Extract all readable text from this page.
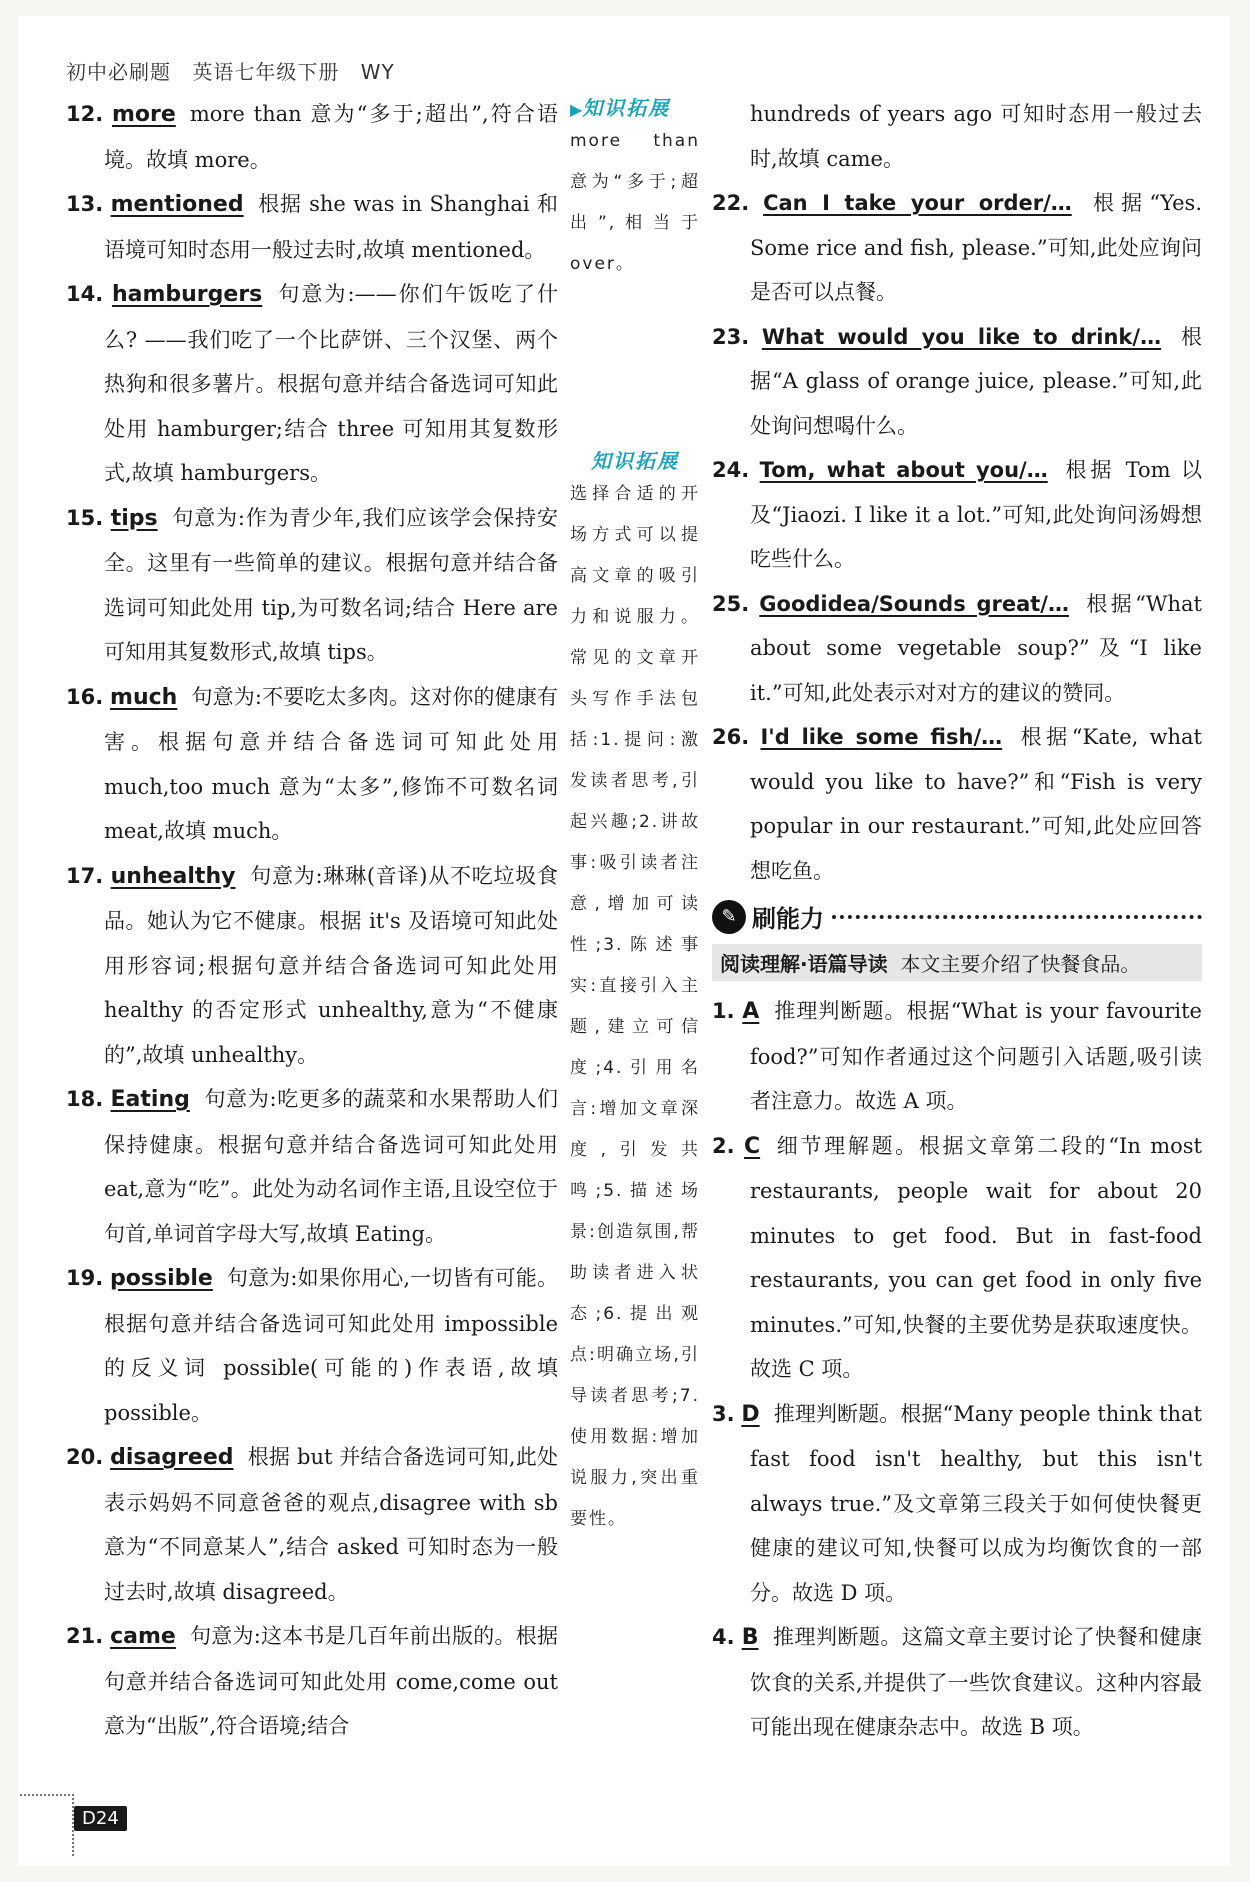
初中必刷题 英语七年级下册 WY
12. more more than 意为“多于;超出”,符合语境。故填 more。
13. mentioned 根据 she was in Shanghai 和语境可知时态用一般过去时,故填 mentioned。
14. hamburgers 句意为:——你们午饭吃了什么? ——我们吃了一个比萨饼、三个汉堡、两个热狗和很多薯片。根据句意并结合备选词可知此处用 hamburger;结合 three 可知用其复数形式,故填 hamburgers。
15. tips 句意为:作为青少年,我们应该学会保持安全。这里有一些简单的建议。根据句意并结合备选词可知此处用 tip,为可数名词;结合 Here are 可知用其复数形式,故填 tips。
16. much 句意为:不要吃太多肉。这对你的健康有害。根据句意并结合备选词可知此处用 much,too much 意为“太多”,修饰不可数名词 meat,故填 much。
17. unhealthy 句意为:琳琳(音译)从不吃垃圾食品。她认为它不健康。根据 it's 及语境可知此处用形容词;根据句意并结合备选词可知此处用 healthy 的否定形式 unhealthy,意为“不健康的”,故填 unhealthy。
18. Eating 句意为:吃更多的蔬菜和水果帮助人们保持健康。根据句意并结合备选词可知此处用 eat,意为“吃”。此处为动名词作主语,且设空位于句首,单词首字母大写,故填 Eating。
19. possible 句意为:如果你用心,一切皆有可能。根据句意并结合备选词可知此处用 impossible 的反义词 possible(可能的)作表语,故填 possible。
20. disagreed 根据 but 并结合备选词可知,此处表示妈妈不同意爸爸的观点,disagree with sb 意为“不同意某人”,结合 asked 可知时态为一般过去时,故填 disagreed。
21. came 句意为:这本书是几百年前出版的。根据句意并结合备选词可知此处用 come,come out 意为“出版”,符合语境;结合
▶知识拓展
more than 意为“多于;超出”,相当于 over。
知识拓展
选择合适的开场方式可以提高文章的吸引力和说服力。常见的文章开头写作手法包括:1.提问:激发读者思考,引起兴趣;2.讲故事:吸引读者注意,增加可读性;3.陈述事实:直接引入主题,建立可信度;4.引用名言:增加文章深度,引发共鸣;5.描述场景:创造氛围,帮助读者进入状态;6.提出观点:明确立场,引导读者思考;7.使用数据:增加说服力,突出重要性。
hundreds of years ago 可知时态用一般过去时,故填 came。
22. Can I take your order/… 根据“Yes. Some rice and fish, please.”可知,此处应询问是否可以点餐。
23. What would you like to drink/… 根据“A glass of orange juice, please.”可知,此处询问想喝什么。
24. Tom, what about you/… 根据 Tom 以及“Jiaozi. I like it a lot.”可知,此处询问汤姆想吃些什么。
25. Goodidea/Sounds great/… 根据“What about some vegetable soup?”及“I like it.”可知,此处表示对对方的建议的赞同。
26. I'd like some fish/… 根据“Kate, what would you like to have?”和“Fish is very popular in our restaurant.”可知,此处应回答想吃鱼。
✎ 刷能力
阅读理解·语篇导读 本文主要介绍了快餐食品。
1. A 推理判断题。根据“What is your favourite food?”可知作者通过这个问题引入话题,吸引读者注意力。故选 A 项。
2. C 细节理解题。根据文章第二段的“In most restaurants, people wait for about 20 minutes to get food. But in fast-food restaurants, you can get food in only five minutes.”可知,快餐的主要优势是获取速度快。故选 C 项。
3. D 推理判断题。根据“Many people think that fast food isn't healthy, but this isn't always true.”及文章第三段关于如何使快餐更健康的建议可知,快餐可以成为均衡饮食的一部分。故选 D 项。
4. B 推理判断题。这篇文章主要讨论了快餐和健康饮食的关系,并提供了一些饮食建议。这种内容最可能出现在健康杂志中。故选 B 项。
D24
